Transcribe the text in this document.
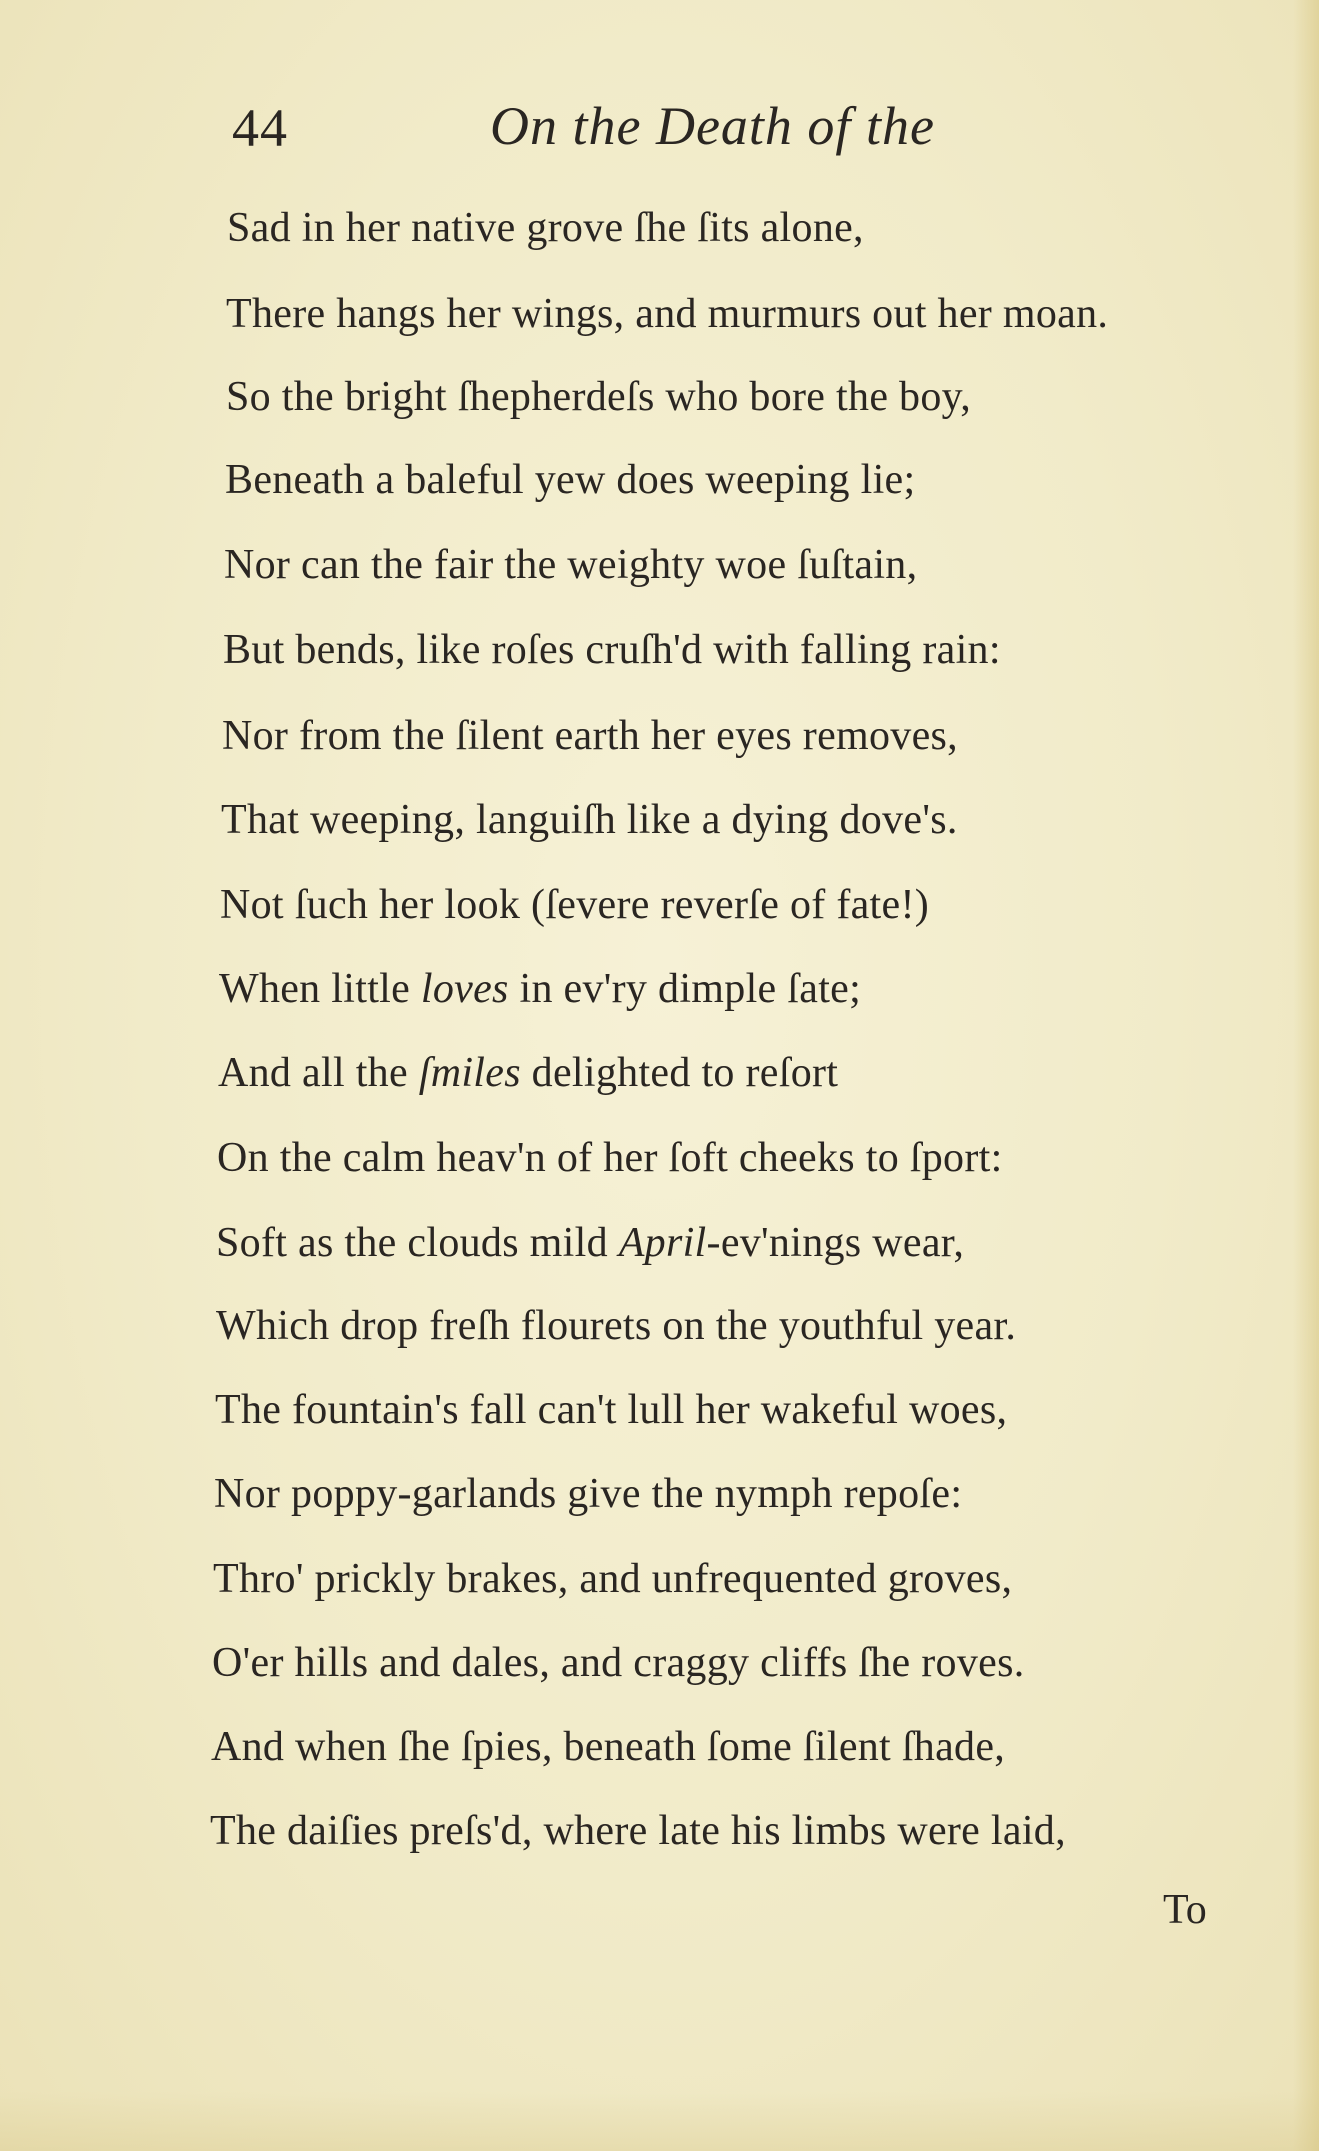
44	On the Death of the
Sad in her native grove ſhe ſits alone,
There hangs her wings, and murmurs out her moan.
So the bright ſhepherdeſs who bore the boy,
Beneath a baleful yew does weeping lie;
Nor can the fair the weighty woe ſuſtain,
But bends, like roſes cruſh'd with falling rain:
Nor from the ſilent earth her eyes removes,
That weeping, languiſh like a dying dove's.
Not ſuch her look (ſevere reverſe of fate!)
When little loves in ev'ry dimple ſate;
And all the ſmiles delighted to reſort
On the calm heav'n of her ſoft cheeks to ſport:
Soft as the clouds mild April-ev'nings wear,
Which drop freſh flourets on the youthful year.
The fountain's fall can't lull her wakeful woes,
Nor poppy-garlands give the nymph repoſe:
Thro' prickly brakes, and unfrequented groves,
O'er hills and dales, and craggy cliffs ſhe roves.
And when ſhe ſpies, beneath ſome ſilent ſhade,
The daiſies preſs'd, where late his limbs were laid,
To
